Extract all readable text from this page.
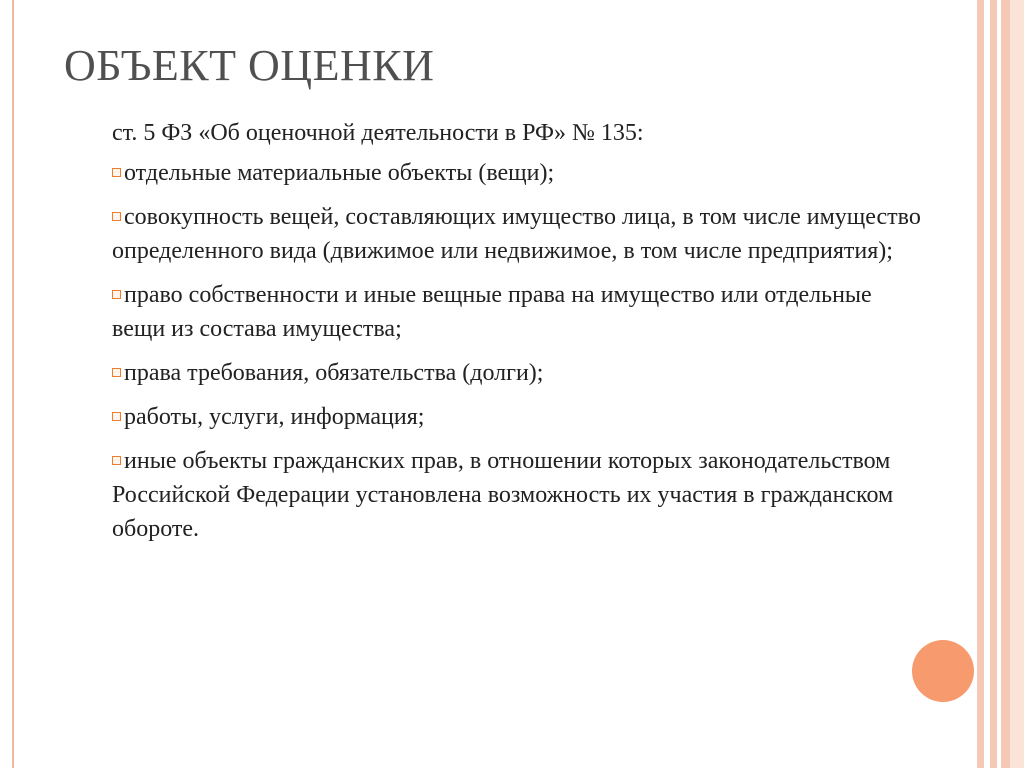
ОБЪЕКТ ОЦЕНКИ

ст. 5 ФЗ «Об оценочной деятельности в РФ» № 135:

отдельные материальные объекты (вещи);

совокупность вещей, составляющих имущество лица, в том числе имущество определенного вида (движимое или недвижимое, в том числе предприятия);

право собственности и иные вещные права на имущество или отдельные вещи из состава имущества;

права требования, обязательства (долги);

работы, услуги, информация;

иные объекты гражданских прав, в отношении которых законодательством Российской Федерации установлена возможность их участия в гражданском обороте.
